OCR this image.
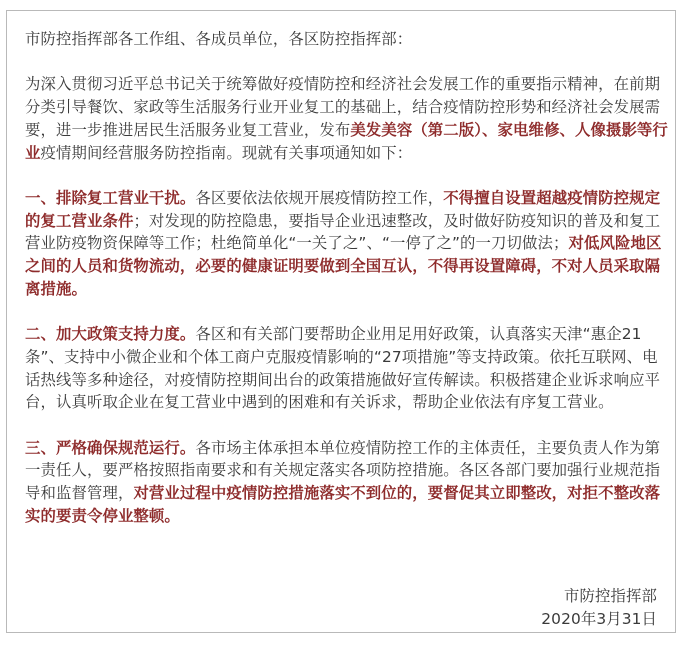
市防控指挥部各工作组、各成员单位，各区防控指挥部：

为深入贯彻习近平总书记关于统筹做好疫情防控和经济社会发展工作的重要指示精神，在前期分类引导餐饮、家政等生活服务行业开业复工的基础上，结合疫情防控形势和经济社会发展需要，进一步推进居民生活服务业复工营业，发布美发美容（第二版）、家电维修、人像摄影等行业疫情期间经营服务防控指南。现就有关事项通知如下：

一、排除复工营业干扰。各区要依法依规开展疫情防控工作，不得擅自设置超越疫情防控规定的复工营业条件；对发现的防控隐患，要指导企业迅速整改，及时做好防疫知识的普及和复工营业防疫物资保障等工作；杜绝简单化“一关了之”、“一停了之”的一刀切做法；对低风险地区之间的人员和货物流动，必要的健康证明要做到全国互认，不得再设置障碍，不对人员采取隔离措施。

二、加大政策支持力度。各区和有关部门要帮助企业用足用好政策，认真落实天津“惠企21条”、支持中小微企业和个体工商户克服疫情影响的“27项措施”等支持政策。依托互联网、电话热线等多种途径，对疫情防控期间出台的政策措施做好宣传解读。积极搭建企业诉求响应平台，认真听取企业在复工营业中遇到的困难和有关诉求，帮助企业依法有序复工营业。

三、严格确保规范运行。各市场主体承担本单位疫情防控工作的主体责任，主要负责人作为第一责任人，要严格按照指南要求和有关规定落实各项防控措施。各区各部门要加强行业规范指导和监督管理，对营业过程中疫情防控措施落实不到位的，要督促其立即整改，对拒不整改落实的要责令停业整顿。

市防控指挥部
2020年3月31日
